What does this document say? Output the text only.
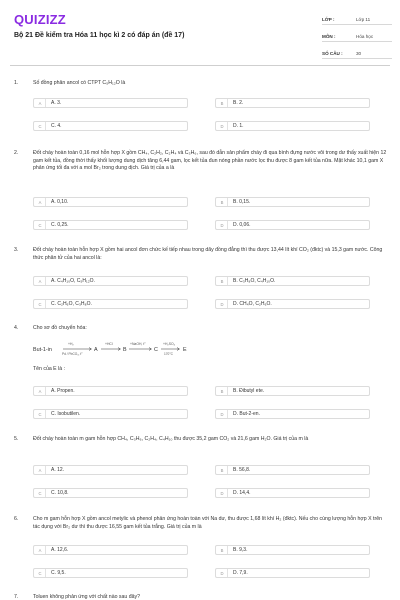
QUIZIZZ
Bộ 21 Đề kiểm tra Hóa 11 học kì 2 có đáp án (đề 17)
LỚP :	Lớp 11
MÔN :	Hóa học
SỐ CÂU :	30
1.	Số đồng phân ancol có CTPT C₅H₁₂O là
A	A. 3.	B	B. 2.
C	C. 4.	D	D. 1.
2.	Đốt cháy hoàn toàn 0,16 mol hỗn hợp X gồm CH₄, C₂H₂, C₂H₄ và C₃H₆, sau đó dẫn sản phẩm cháy đi qua bình đựng nước vôi trong dư thấy xuất hiện 12 gam kết tủa, đồng thời thấy khối lượng dung dịch tăng 6,44 gam, lọc kết tủa đun nóng phần nước lọc thu được 8 gam kết tủa nữa. Mặt khác 10,1 gam X phản ứng tối đa với a mol Br₂ trong dung dịch. Giá trị của a là
A	A. 0,10.	B	B. 0,15.
C	C. 0,25.	D	D. 0,06.
3.	Đốt cháy hoàn toàn hỗn hợp X gồm hai ancol đơn chức kế tiếp nhau trong dãy đồng đẳng thì thu được 13,44 lít khí CO₂ (đktc) và 15,3 gam nước. Công thức phân tử của hai ancol là:
A	A. C₄H₁₀O, C₅H₁₂O.	B	B. C₃H₈O, C₄H₁₀O.
C	C. C₂H₆O, C₃H₈O.	D	D. CH₄O, C₂H₆O.
4.	Cho sơ đồ chuyển hóa:
But-1-in
+H₂
Pd / PbCO₃, t°
A
+HCl
B
+NaOH, t°
C
+H₂SO₄
170°C
E
Tên của E là :
A	A. Propen.	B	B. Đibutyl ete.
C	C. Isobutilen.	D	D. But-2-en.
5.	Đốt cháy hoàn toàn m gam hỗn hợp CH₄, C₃H₆, C₂H₄, C₄H₁₀ thu được 35,2 gam CO₂ và 21,6 gam H₂O. Giá trị của m là
A	A. 12.	B	B. 56,8.
C	C. 10,8.	D	D. 14,4.
6.	Cho m gam hỗn hợp X gồm ancol metylic và phenol phản ứng hoàn toàn với Na dư, thu được 1,68 lít khí H₂ (đktc). Nếu cho cùng lượng hỗn hợp X trên tác dụng với Br₂ dư thì thu được 16,55 gam kết tủa trắng. Giá trị của m là
A	A. 12,6.	B	B. 9,3.
C	C. 9,5.	D	D. 7,9.
7.	Toluen không phản ứng với chất nào sau đây?
